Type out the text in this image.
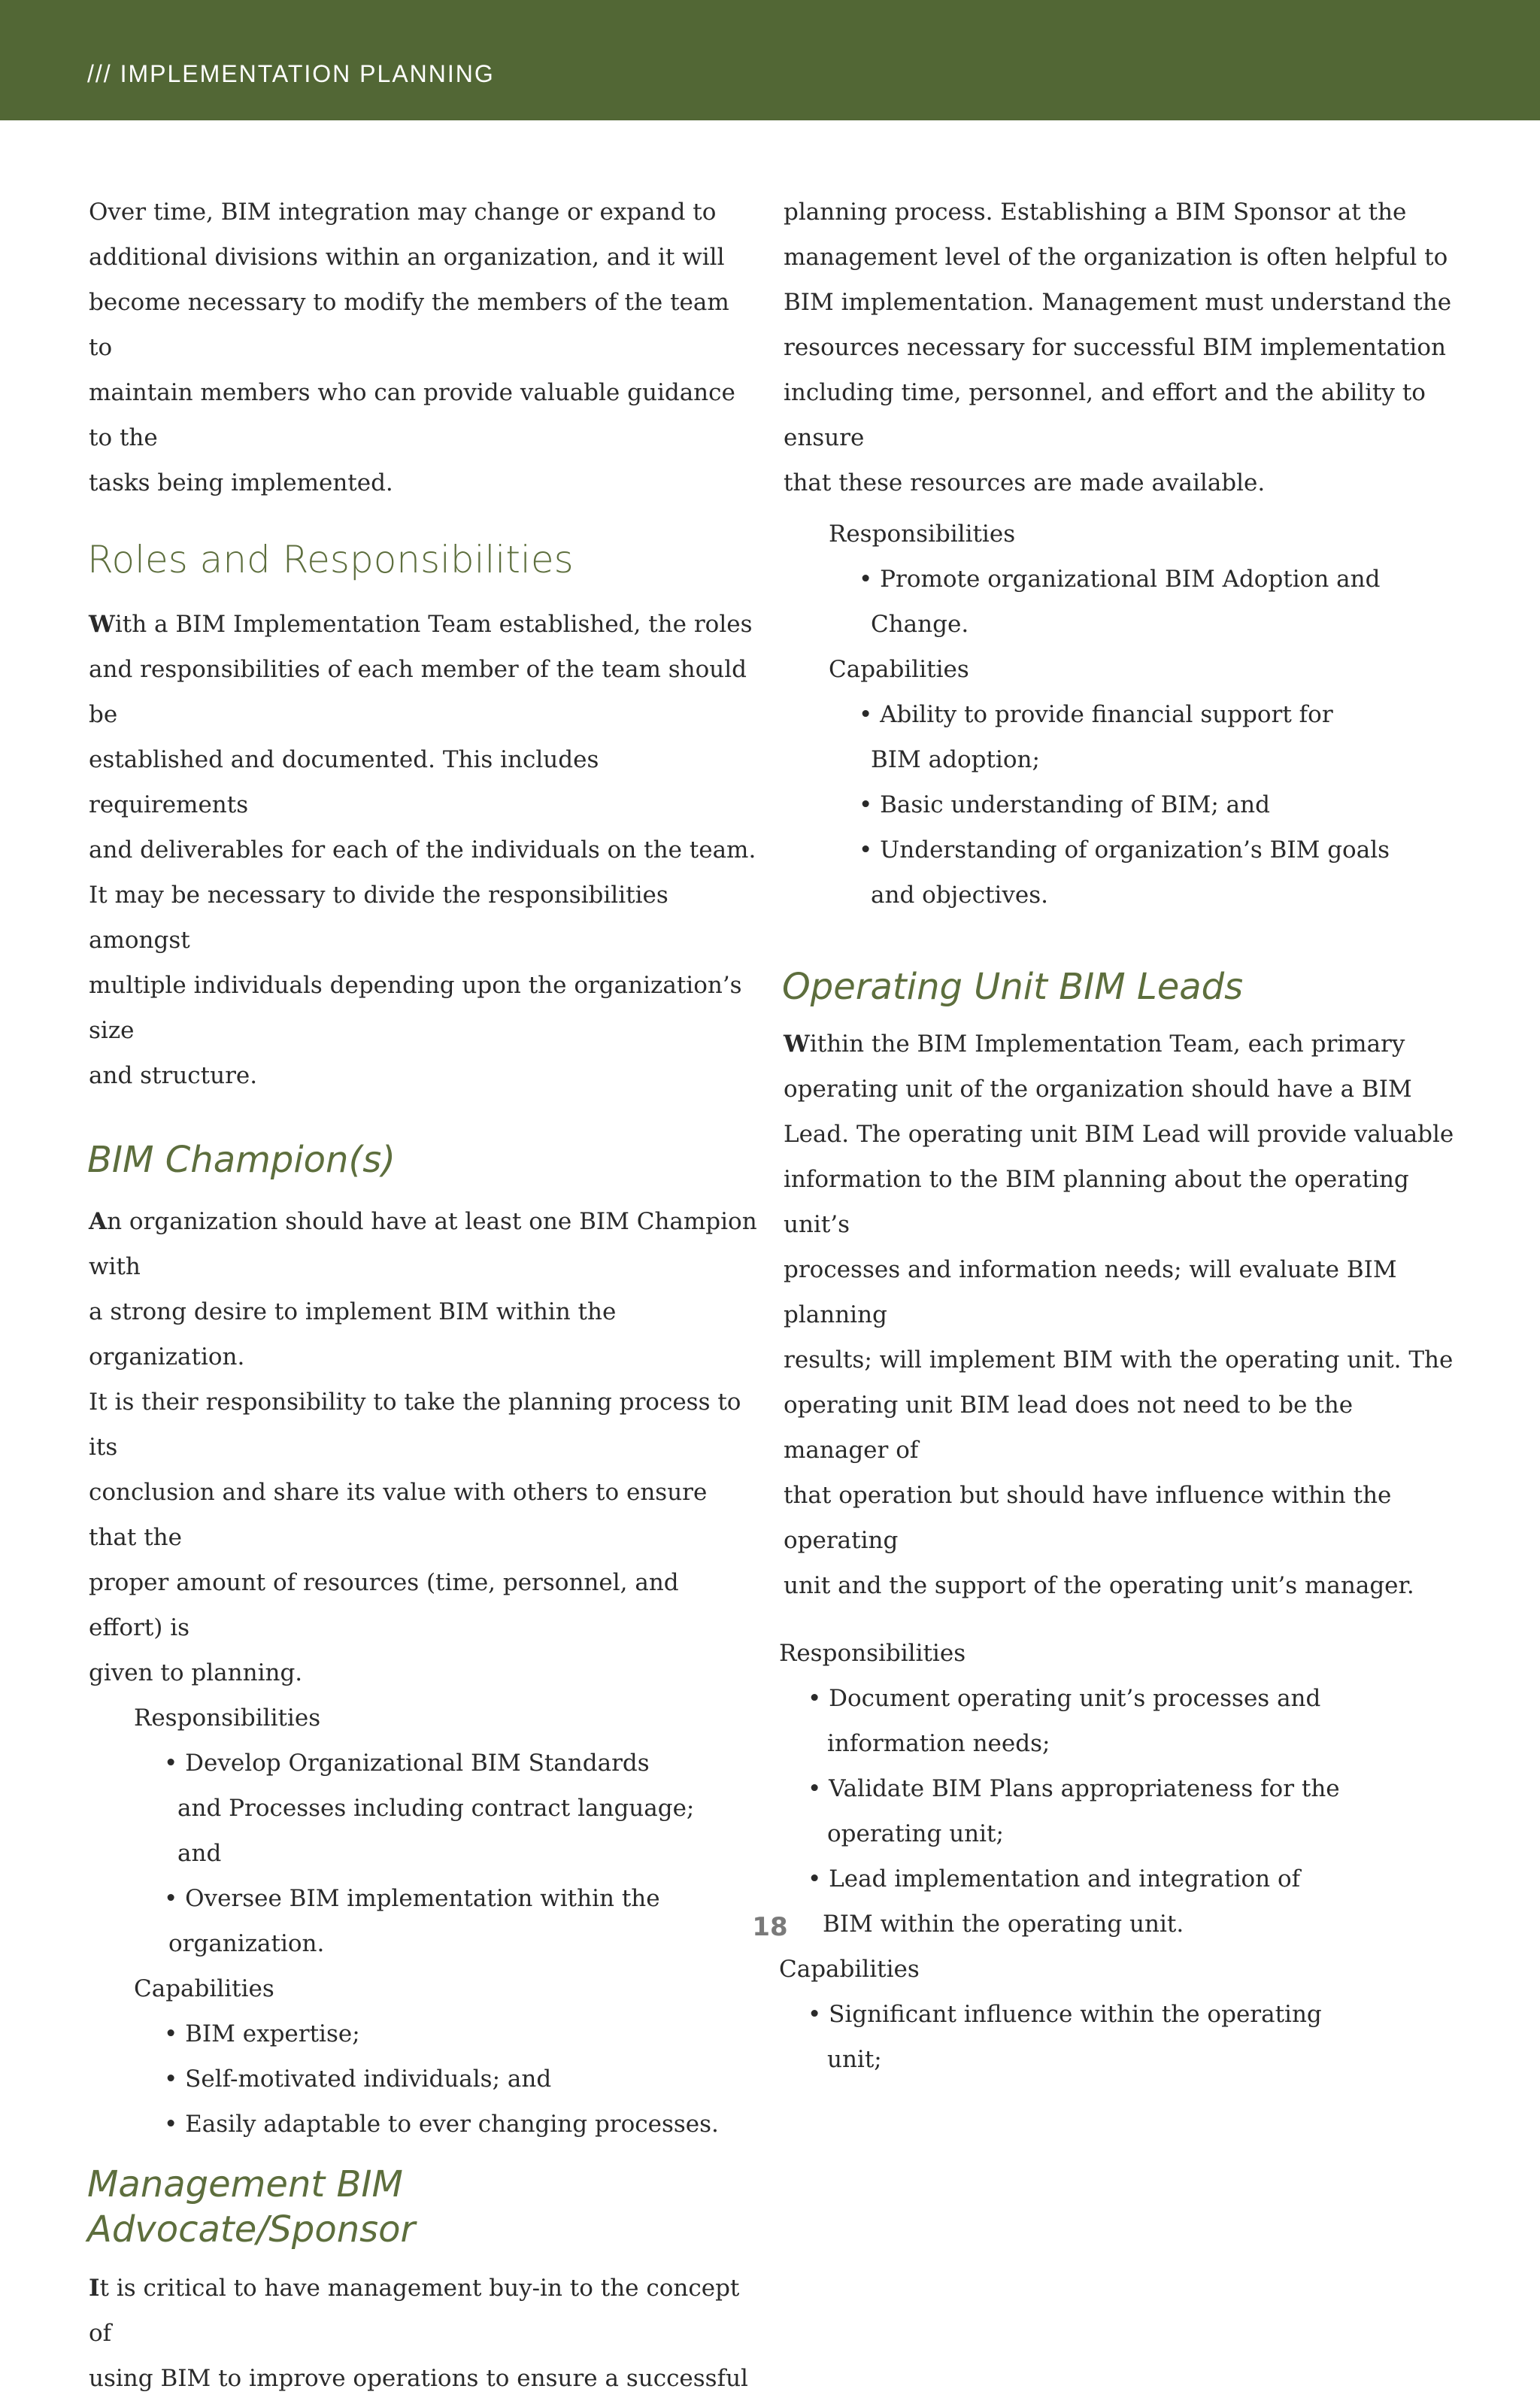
/// IMPLEMENTATION PLANNING
Over time, BIM integration may change or expand to
additional divisions within an organization, and it will
become necessary to modify the members of the team to
maintain members who can provide valuable guidance to the
tasks being implemented.
Roles and Responsibilities
With a BIM Implementation Team established, the roles
and responsibilities of each member of the team should be
established and documented. This includes requirements
and deliverables for each of the individuals on the team.
It may be necessary to divide the responsibilities amongst
multiple individuals depending upon the organization’s size
and structure.
BIM Champion(s)
An organization should have at least one BIM Champion with
a strong desire to implement BIM within the organization.
It is their responsibility to take the planning process to its
conclusion and share its value with others to ensure that the
proper amount of resources (time, personnel, and effort) is
given to planning.
Responsibilities
• Develop Organizational BIM Standards
and Processes including contract language;
and
• Oversee BIM implementation within the
organization.
Capabilities
• BIM expertise;
• Self-motivated individuals; and
• Easily adaptable to ever changing processes.
Management BIM
Advocate/Sponsor
It is critical to have management buy-in to the concept of
using BIM to improve operations to ensure a successful
planning process. Establishing a BIM Sponsor at the
management level of the organization is often helpful to
BIM implementation. Management must understand the
resources necessary for successful BIM implementation
including time, personnel, and effort and the ability to ensure
that these resources are made available.
Responsibilities
• Promote organizational BIM Adoption and
Change.
Capabilities
• Ability to provide financial support for
BIM adoption;
• Basic understanding of BIM; and
• Understanding of organization’s BIM goals
and objectives.
Operating Unit BIM Leads
Within the BIM Implementation Team, each primary
operating unit of the organization should have a BIM
Lead. The operating unit BIM Lead will provide valuable
information to the BIM planning about the operating unit’s
processes and information needs; will evaluate BIM planning
results; will implement BIM with the operating unit. The
operating unit BIM lead does not need to be the manager of
that operation but should have influence within the operating
unit and the support of the operating unit’s manager.
Responsibilities
• Document operating unit’s processes and
information needs;
• Validate BIM Plans appropriateness for the
operating unit;
• Lead implementation and integration of
BIM within the operating unit.
Capabilities
• Significant influence within the operating
unit;
18
